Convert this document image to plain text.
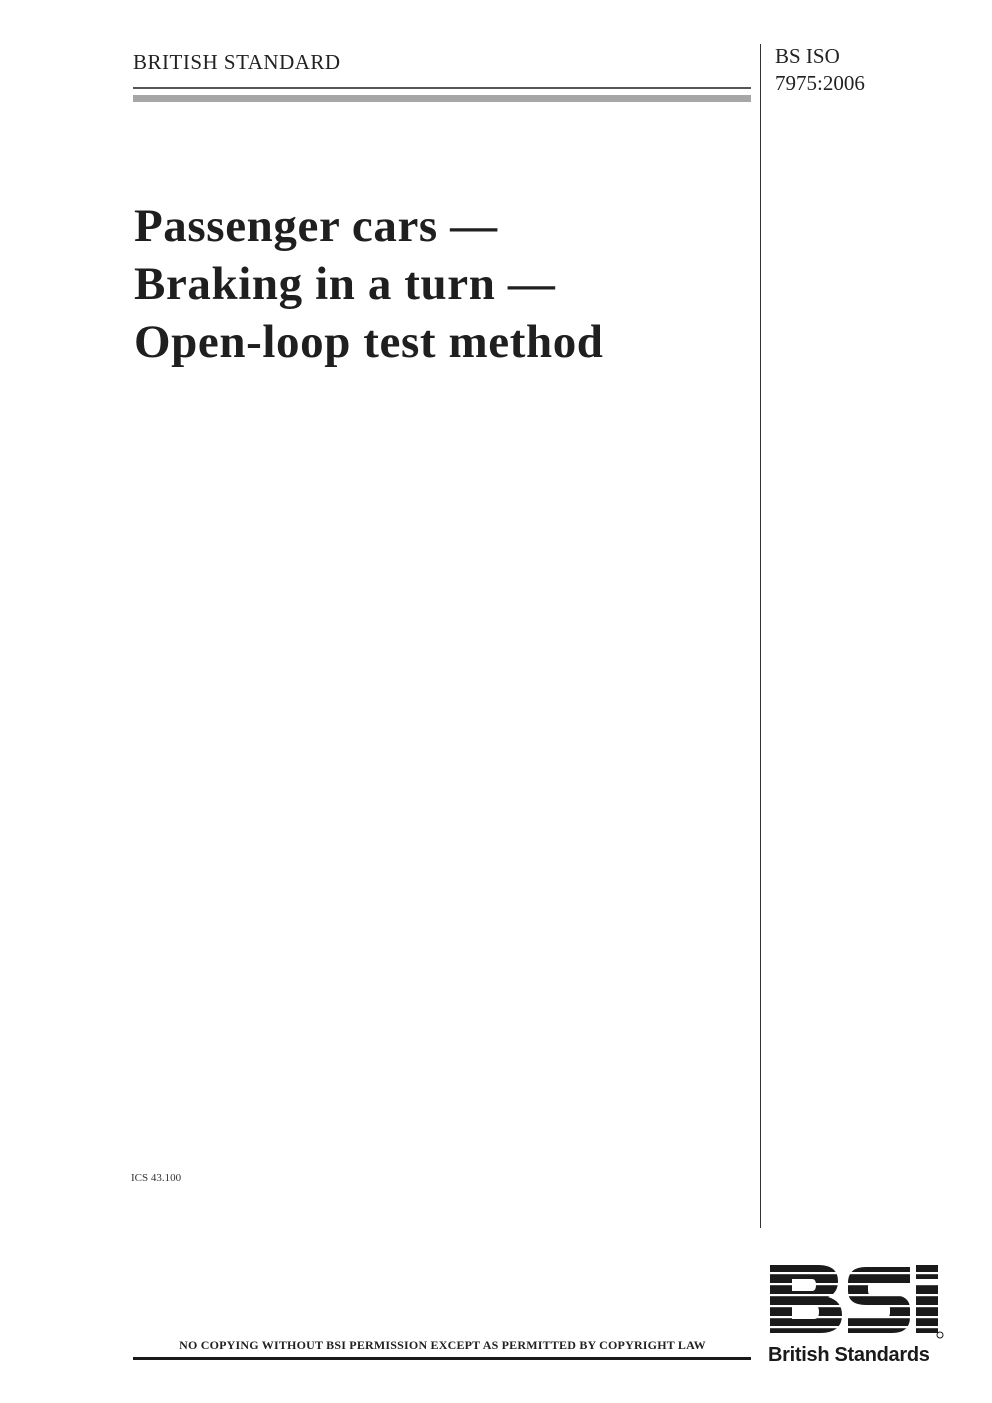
BRITISH STANDARD	BS ISO
7975:2006
Passenger cars —
Braking in a turn —
Open-loop test method
ICS 43.100
NO COPYING WITHOUT BSI PERMISSION EXCEPT AS PERMITTED BY COPYRIGHT LAW	British Standards
